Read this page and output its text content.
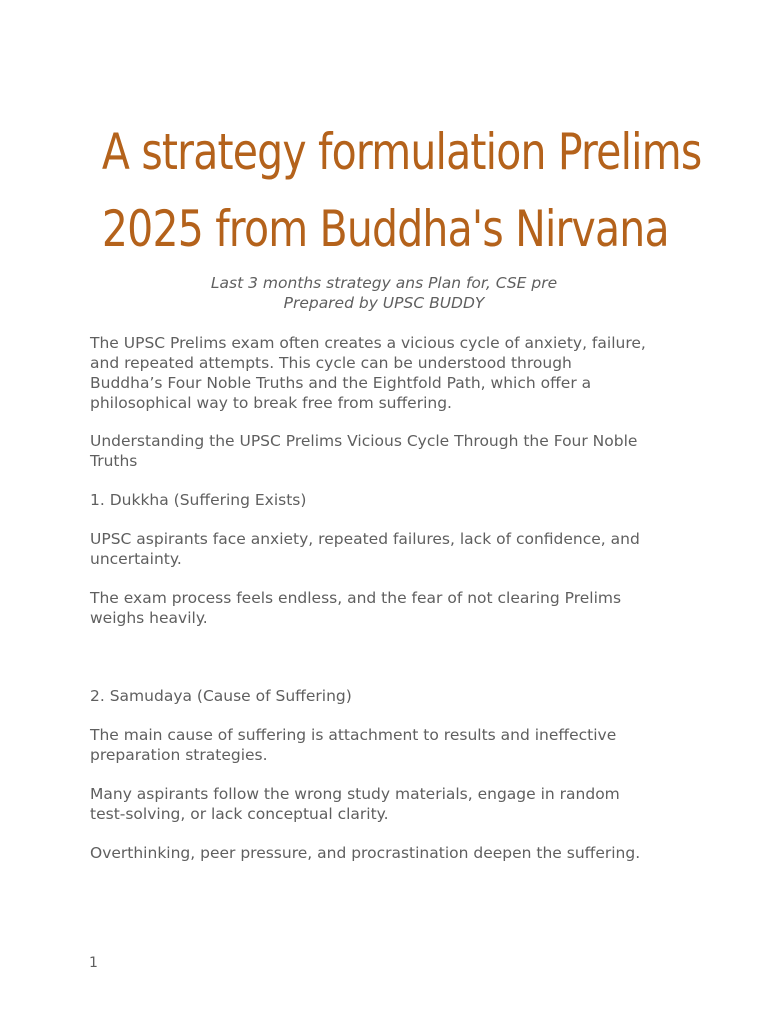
A strategy formulation Prelims
2025 from Buddha's Nirvana
Last 3 months strategy ans Plan for, CSE pre
Prepared by UPSC BUDDY

The UPSC Prelims exam often creates a vicious cycle of anxiety, failure,
and repeated attempts. This cycle can be understood through
Buddha’s Four Noble Truths and the Eightfold Path, which offer a
philosophical way to break free from suffering.

Understanding the UPSC Prelims Vicious Cycle Through the Four Noble
Truths

1. Dukkha (Suffering Exists)

UPSC aspirants face anxiety, repeated failures, lack of confidence, and
uncertainty.

The exam process feels endless, and the fear of not clearing Prelims
weighs heavily.

2. Samudaya (Cause of Suffering)

The main cause of suffering is attachment to results and ineffective
preparation strategies.

Many aspirants follow the wrong study materials, engage in random
test-solving, or lack conceptual clarity.

Overthinking, peer pressure, and procrastination deepen the suffering.

1
